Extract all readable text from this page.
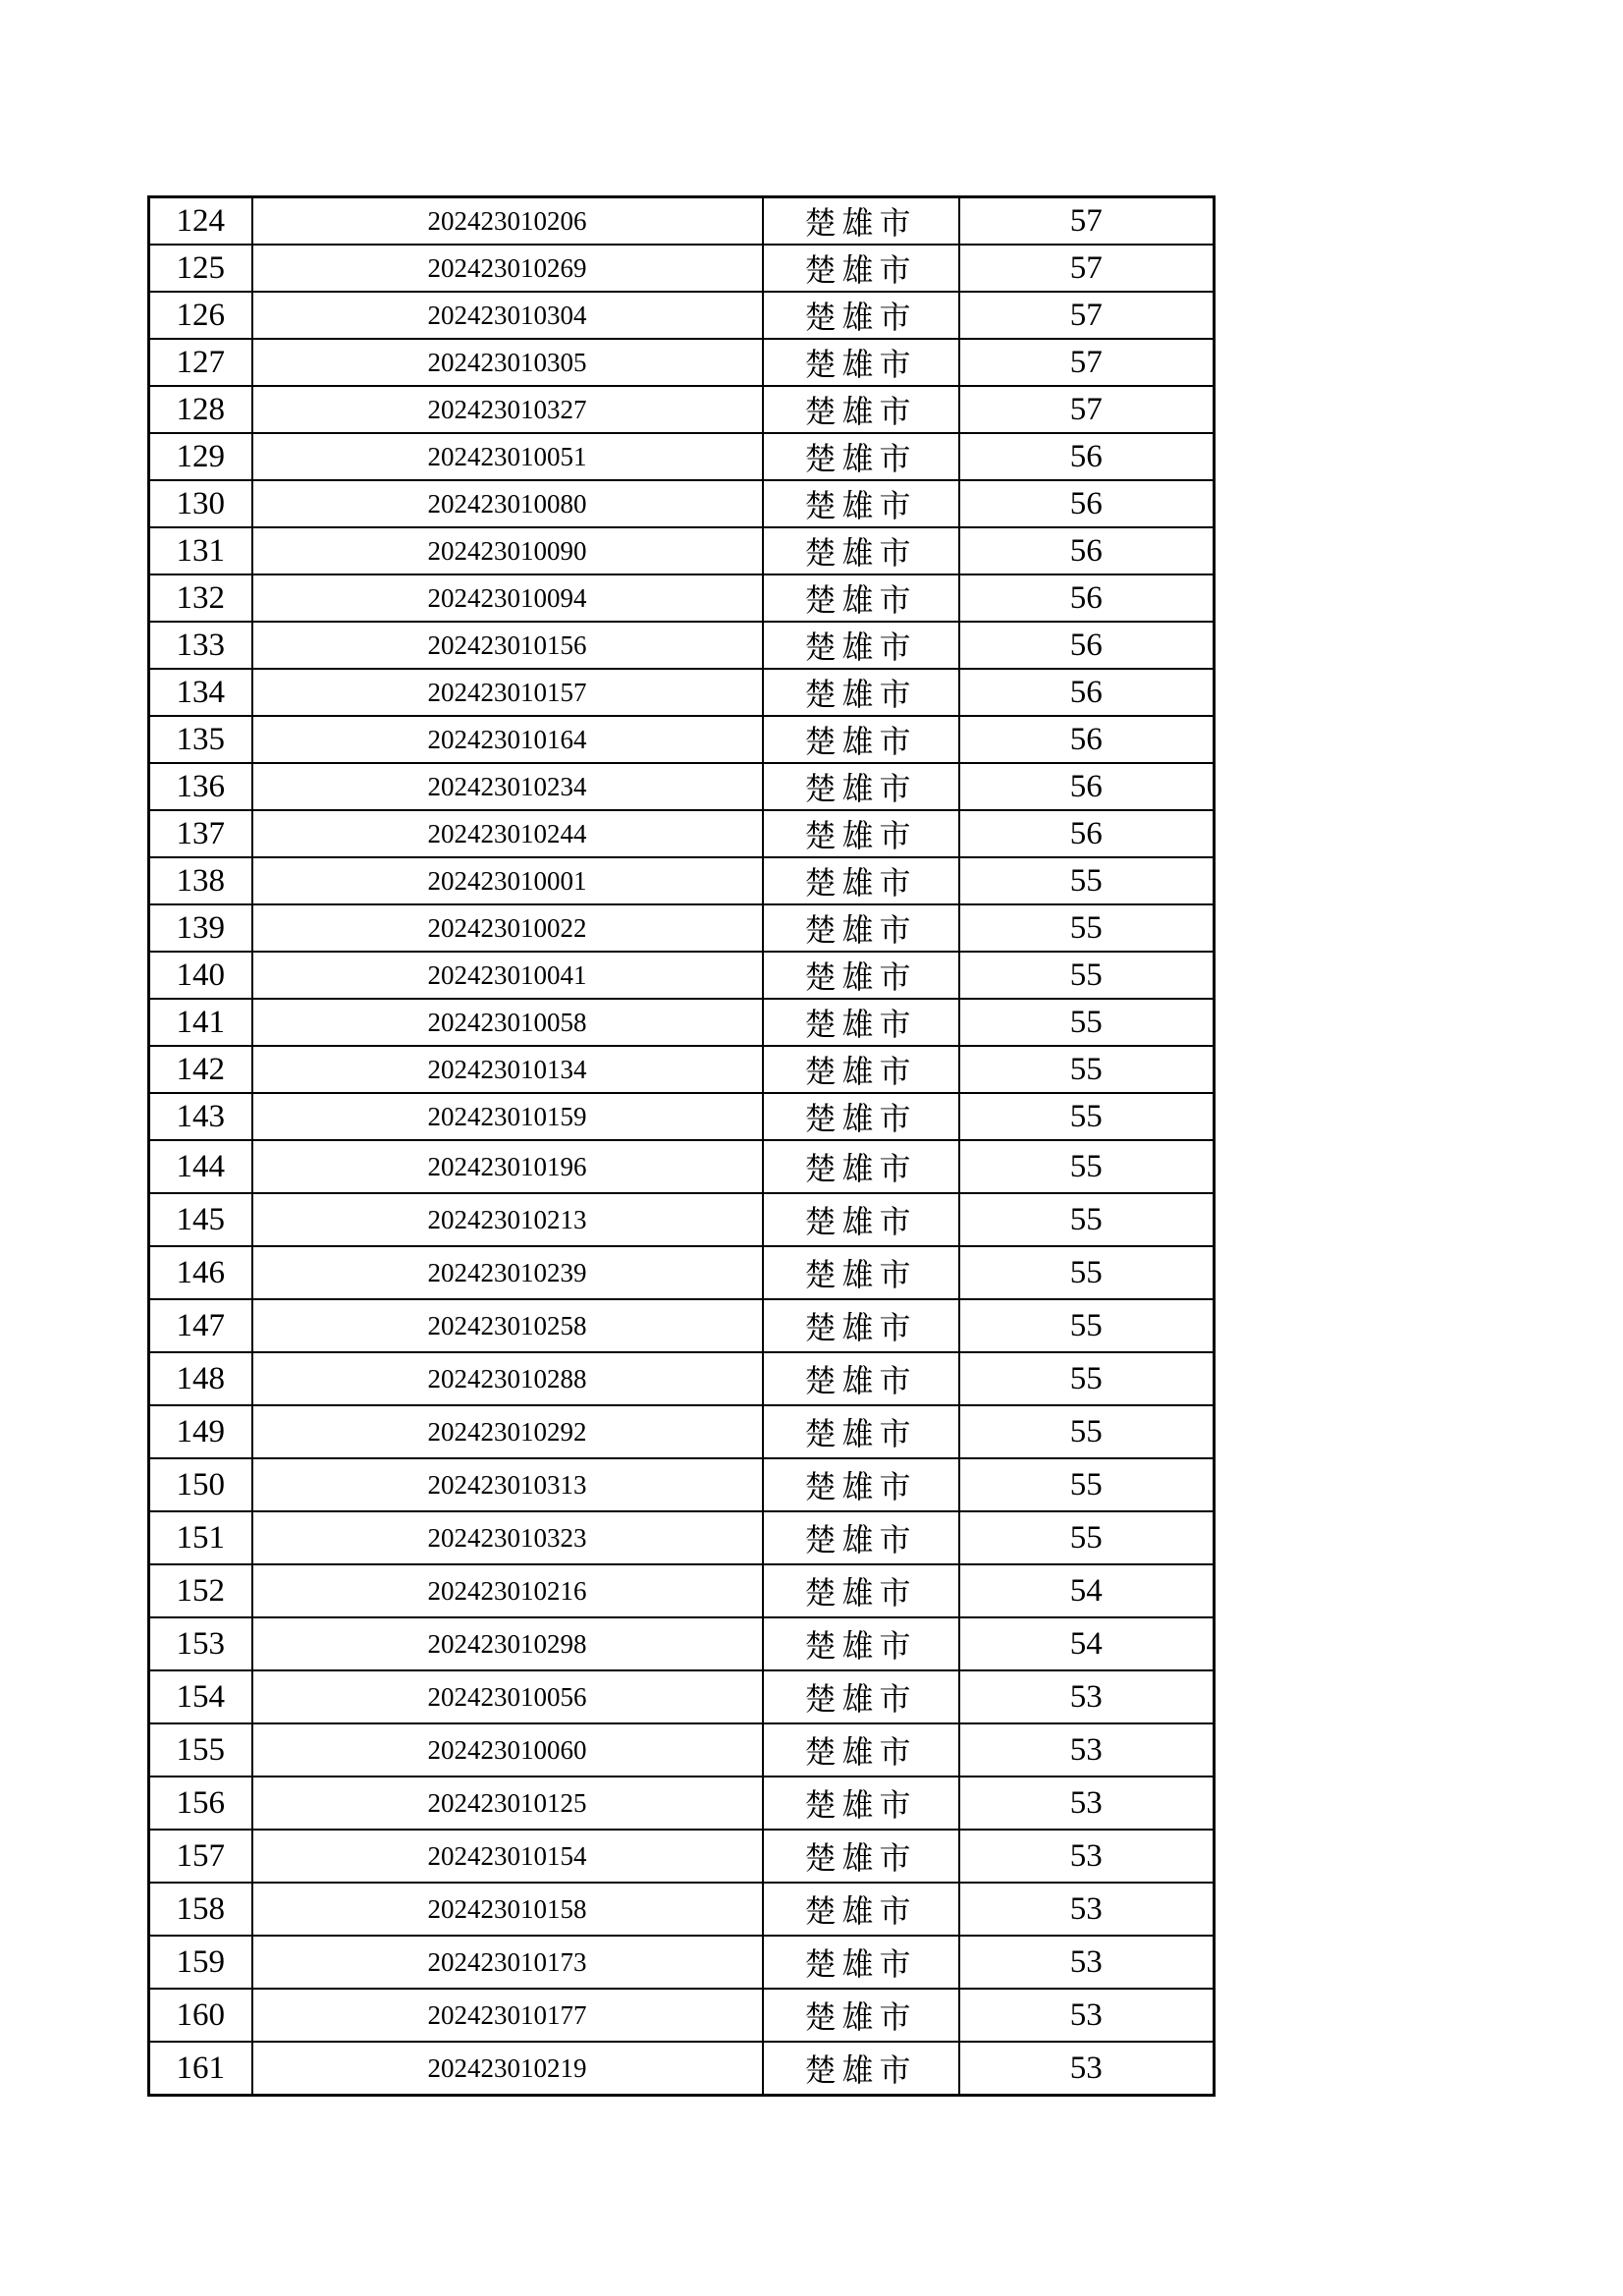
124	202423010206	楚雄市	57
125	202423010269	楚雄市	57
126	202423010304	楚雄市	57
127	202423010305	楚雄市	57
128	202423010327	楚雄市	57
129	202423010051	楚雄市	56
130	202423010080	楚雄市	56
131	202423010090	楚雄市	56
132	202423010094	楚雄市	56
133	202423010156	楚雄市	56
134	202423010157	楚雄市	56
135	202423010164	楚雄市	56
136	202423010234	楚雄市	56
137	202423010244	楚雄市	56
138	202423010001	楚雄市	55
139	202423010022	楚雄市	55
140	202423010041	楚雄市	55
141	202423010058	楚雄市	55
142	202423010134	楚雄市	55
143	202423010159	楚雄市	55
144	202423010196	楚雄市	55
145	202423010213	楚雄市	55
146	202423010239	楚雄市	55
147	202423010258	楚雄市	55
148	202423010288	楚雄市	55
149	202423010292	楚雄市	55
150	202423010313	楚雄市	55
151	202423010323	楚雄市	55
152	202423010216	楚雄市	54
153	202423010298	楚雄市	54
154	202423010056	楚雄市	53
155	202423010060	楚雄市	53
156	202423010125	楚雄市	53
157	202423010154	楚雄市	53
158	202423010158	楚雄市	53
159	202423010173	楚雄市	53
160	202423010177	楚雄市	53
161	202423010219	楚雄市	53
